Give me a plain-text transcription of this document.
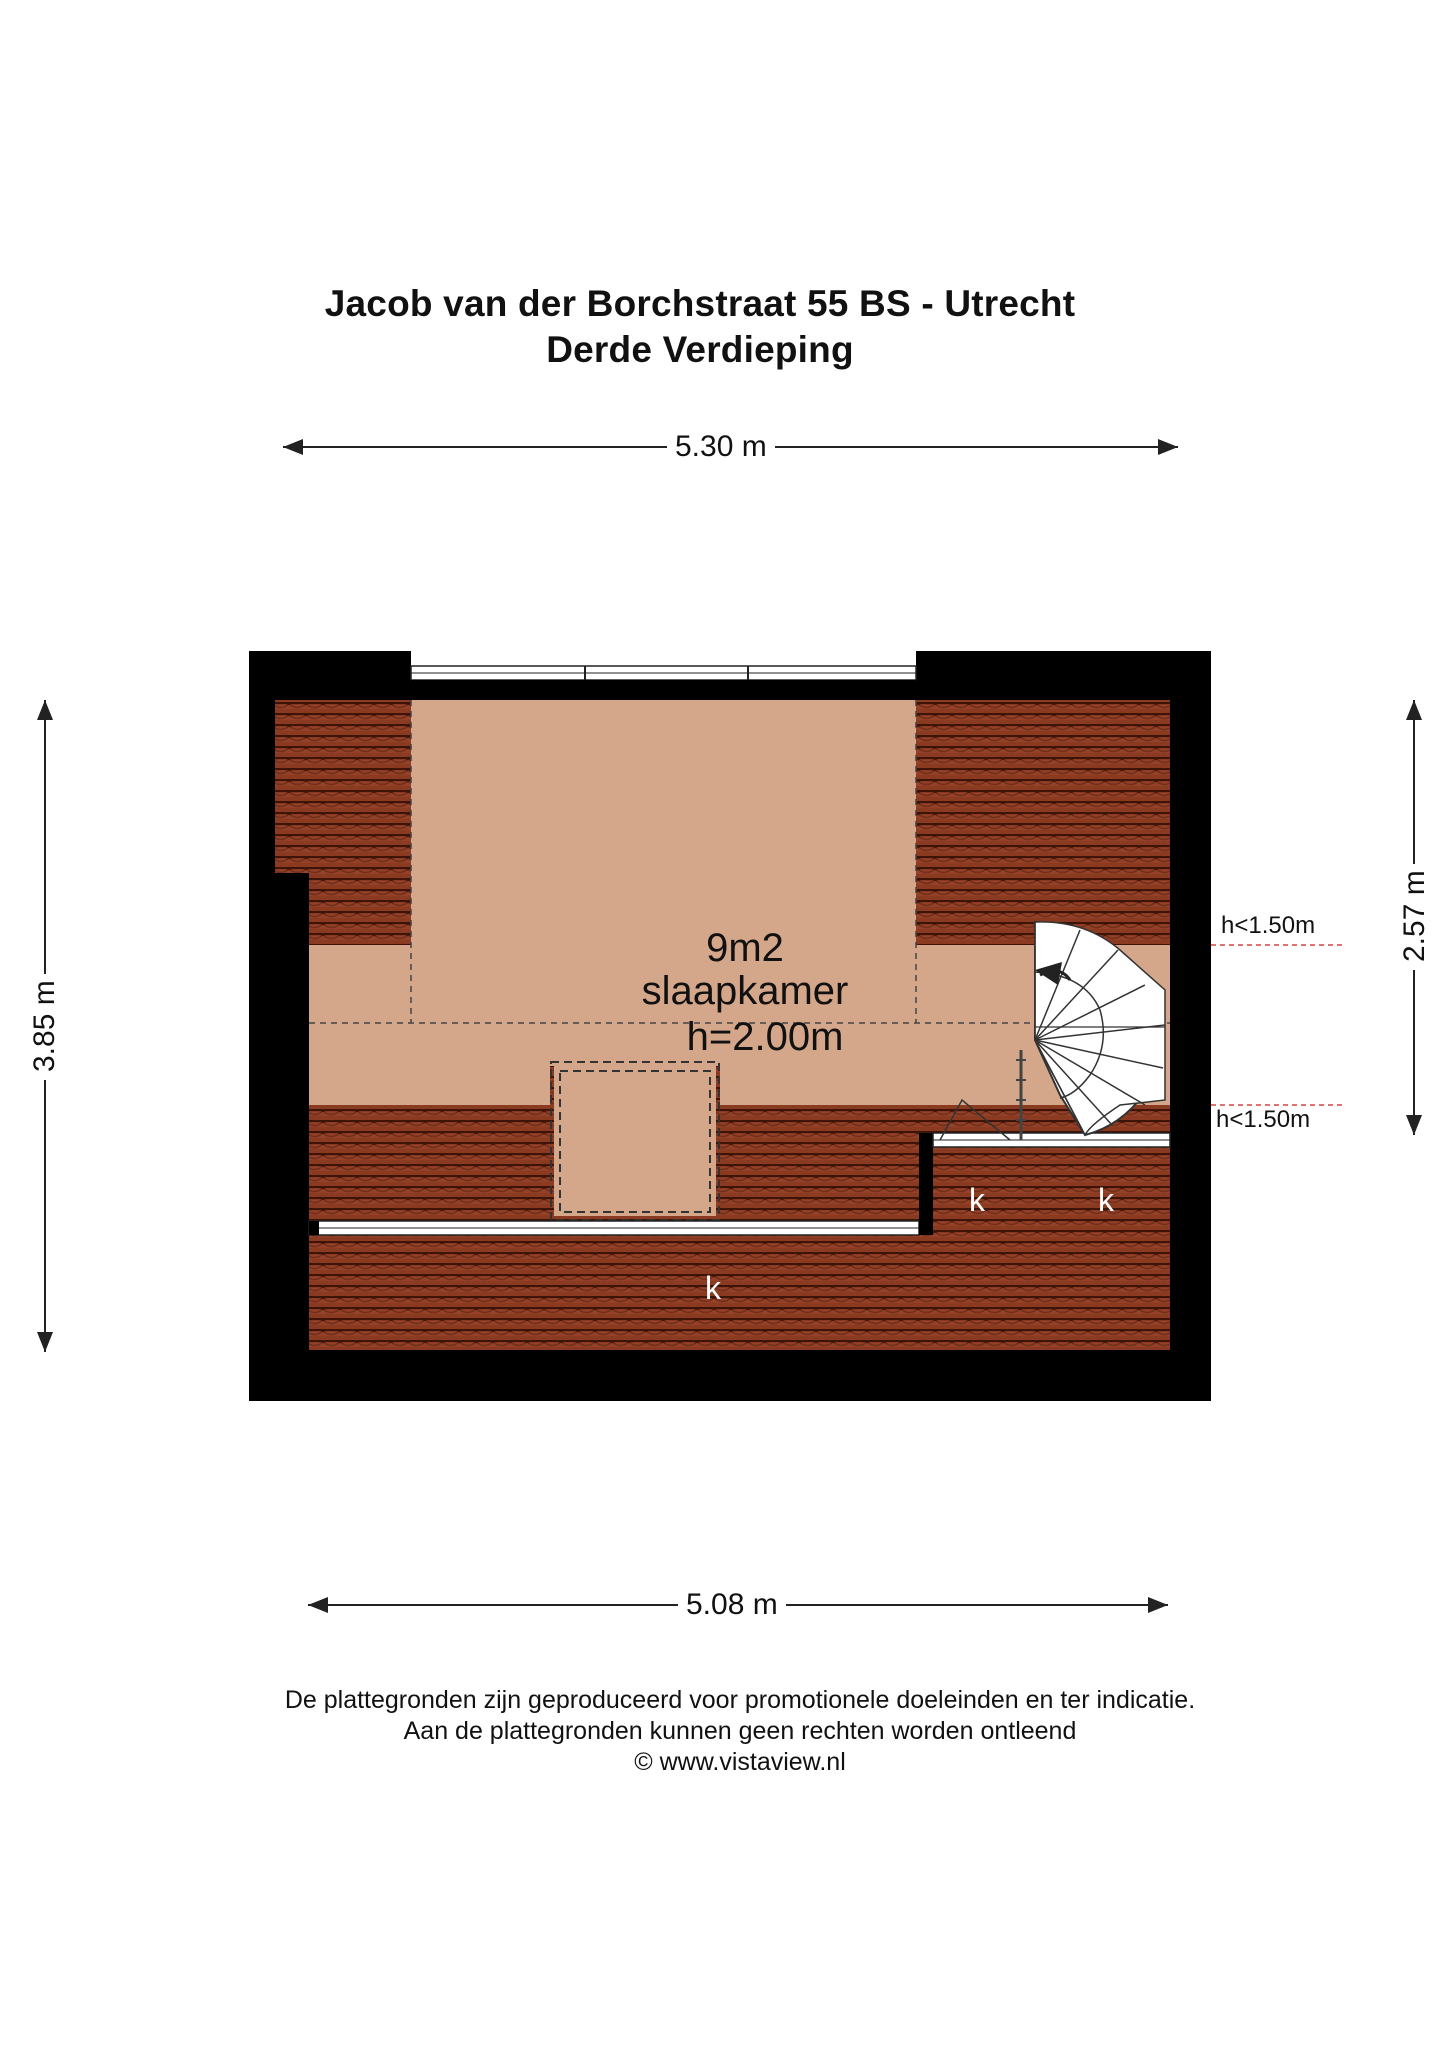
Jacob van der Borchstraat 55 BS - Utrecht
Derde Verdieping
5.30 m
5.08 m
3.85 m
2.57 m
h<1.50m
h<1.50m
9m2
slaapkamer
h=2.00m
k	k
k
De plattegronden zijn geproduceerd voor promotionele doeleinden en ter indicatie.
Aan de plattegronden kunnen geen rechten worden ontleend
© www.vistaview.nl
